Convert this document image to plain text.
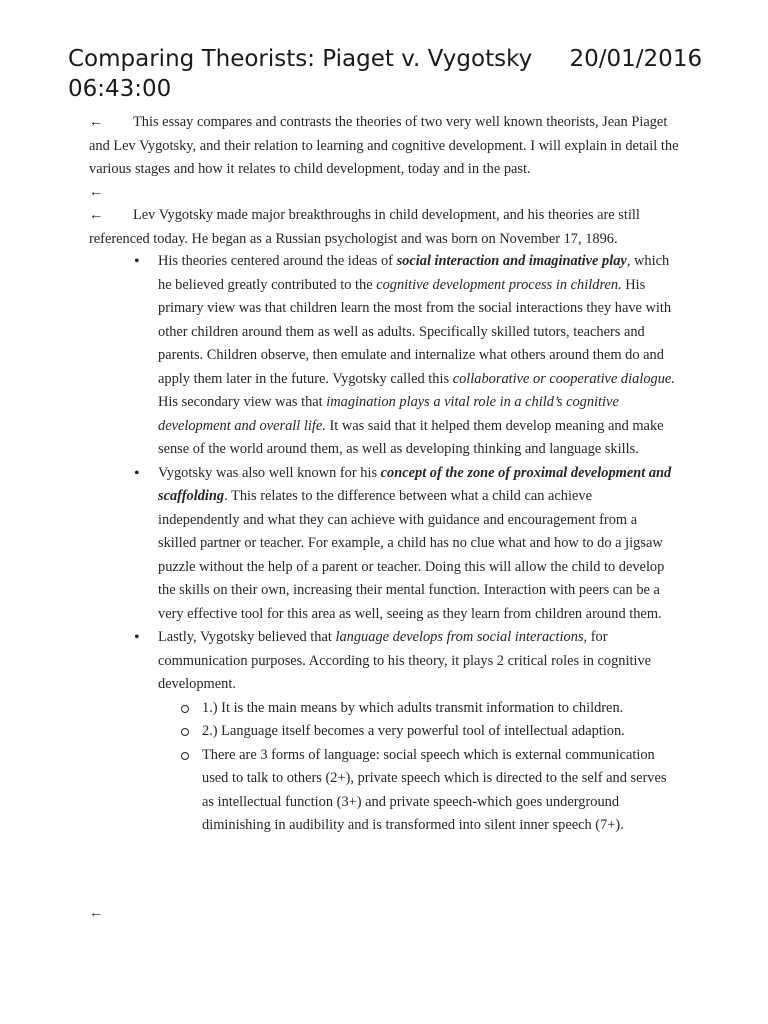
Comparing Theorists: Piaget v. Vygotsky 20/01/2016
06:43:00

← This essay compares and contrasts the theories of two very well known theorists, Jean Piaget and Lev Vygotsky, and their relation to learning and cognitive development. I will explain in detail the various stages and how it relates to child development, today and in the past.

←

← Lev Vygotsky made major breakthroughs in child development, and his theories are still referenced today. He began as a Russian psychologist and was born on November 17, 1896.

• His theories centered around the ideas of social interaction and imaginative play, which he believed greatly contributed to the cognitive development process in children. His primary view was that children learn the most from the social interactions they have with other children around them as well as adults. Specifically skilled tutors, teachers and parents. Children observe, then emulate and internalize what others around them do and apply them later in the future. Vygotsky called this collaborative or cooperative dialogue. His secondary view was that imagination plays a vital role in a child’s cognitive development and overall life. It was said that it helped them develop meaning and make sense of the world around them, as well as developing thinking and language skills.
• Vygotsky was also well known for his concept of the zone of proximal development and scaffolding. This relates to the difference between what a child can achieve independently and what they can achieve with guidance and encouragement from a skilled partner or teacher. For example, a child has no clue what and how to do a jigsaw puzzle without the help of a parent or teacher. Doing this will allow the child to develop the skills on their own, increasing their mental function. Interaction with peers can be a very effective tool for this area as well, seeing as they learn from children around them.
• Lastly, Vygotsky believed that language develops from social interactions, for communication purposes. According to his theory, it plays 2 critical roles in cognitive development.
1.) It is the main means by which adults transmit information to children.
2.) Language itself becomes a very powerful tool of intellectual adaption.
There are 3 forms of language: social speech which is external communication used to talk to others (2+), private speech which is directed to the self and serves as intellectual function (3+) and private speech-which goes underground diminishing in audibility and is transformed into silent inner speech (7+).

←
